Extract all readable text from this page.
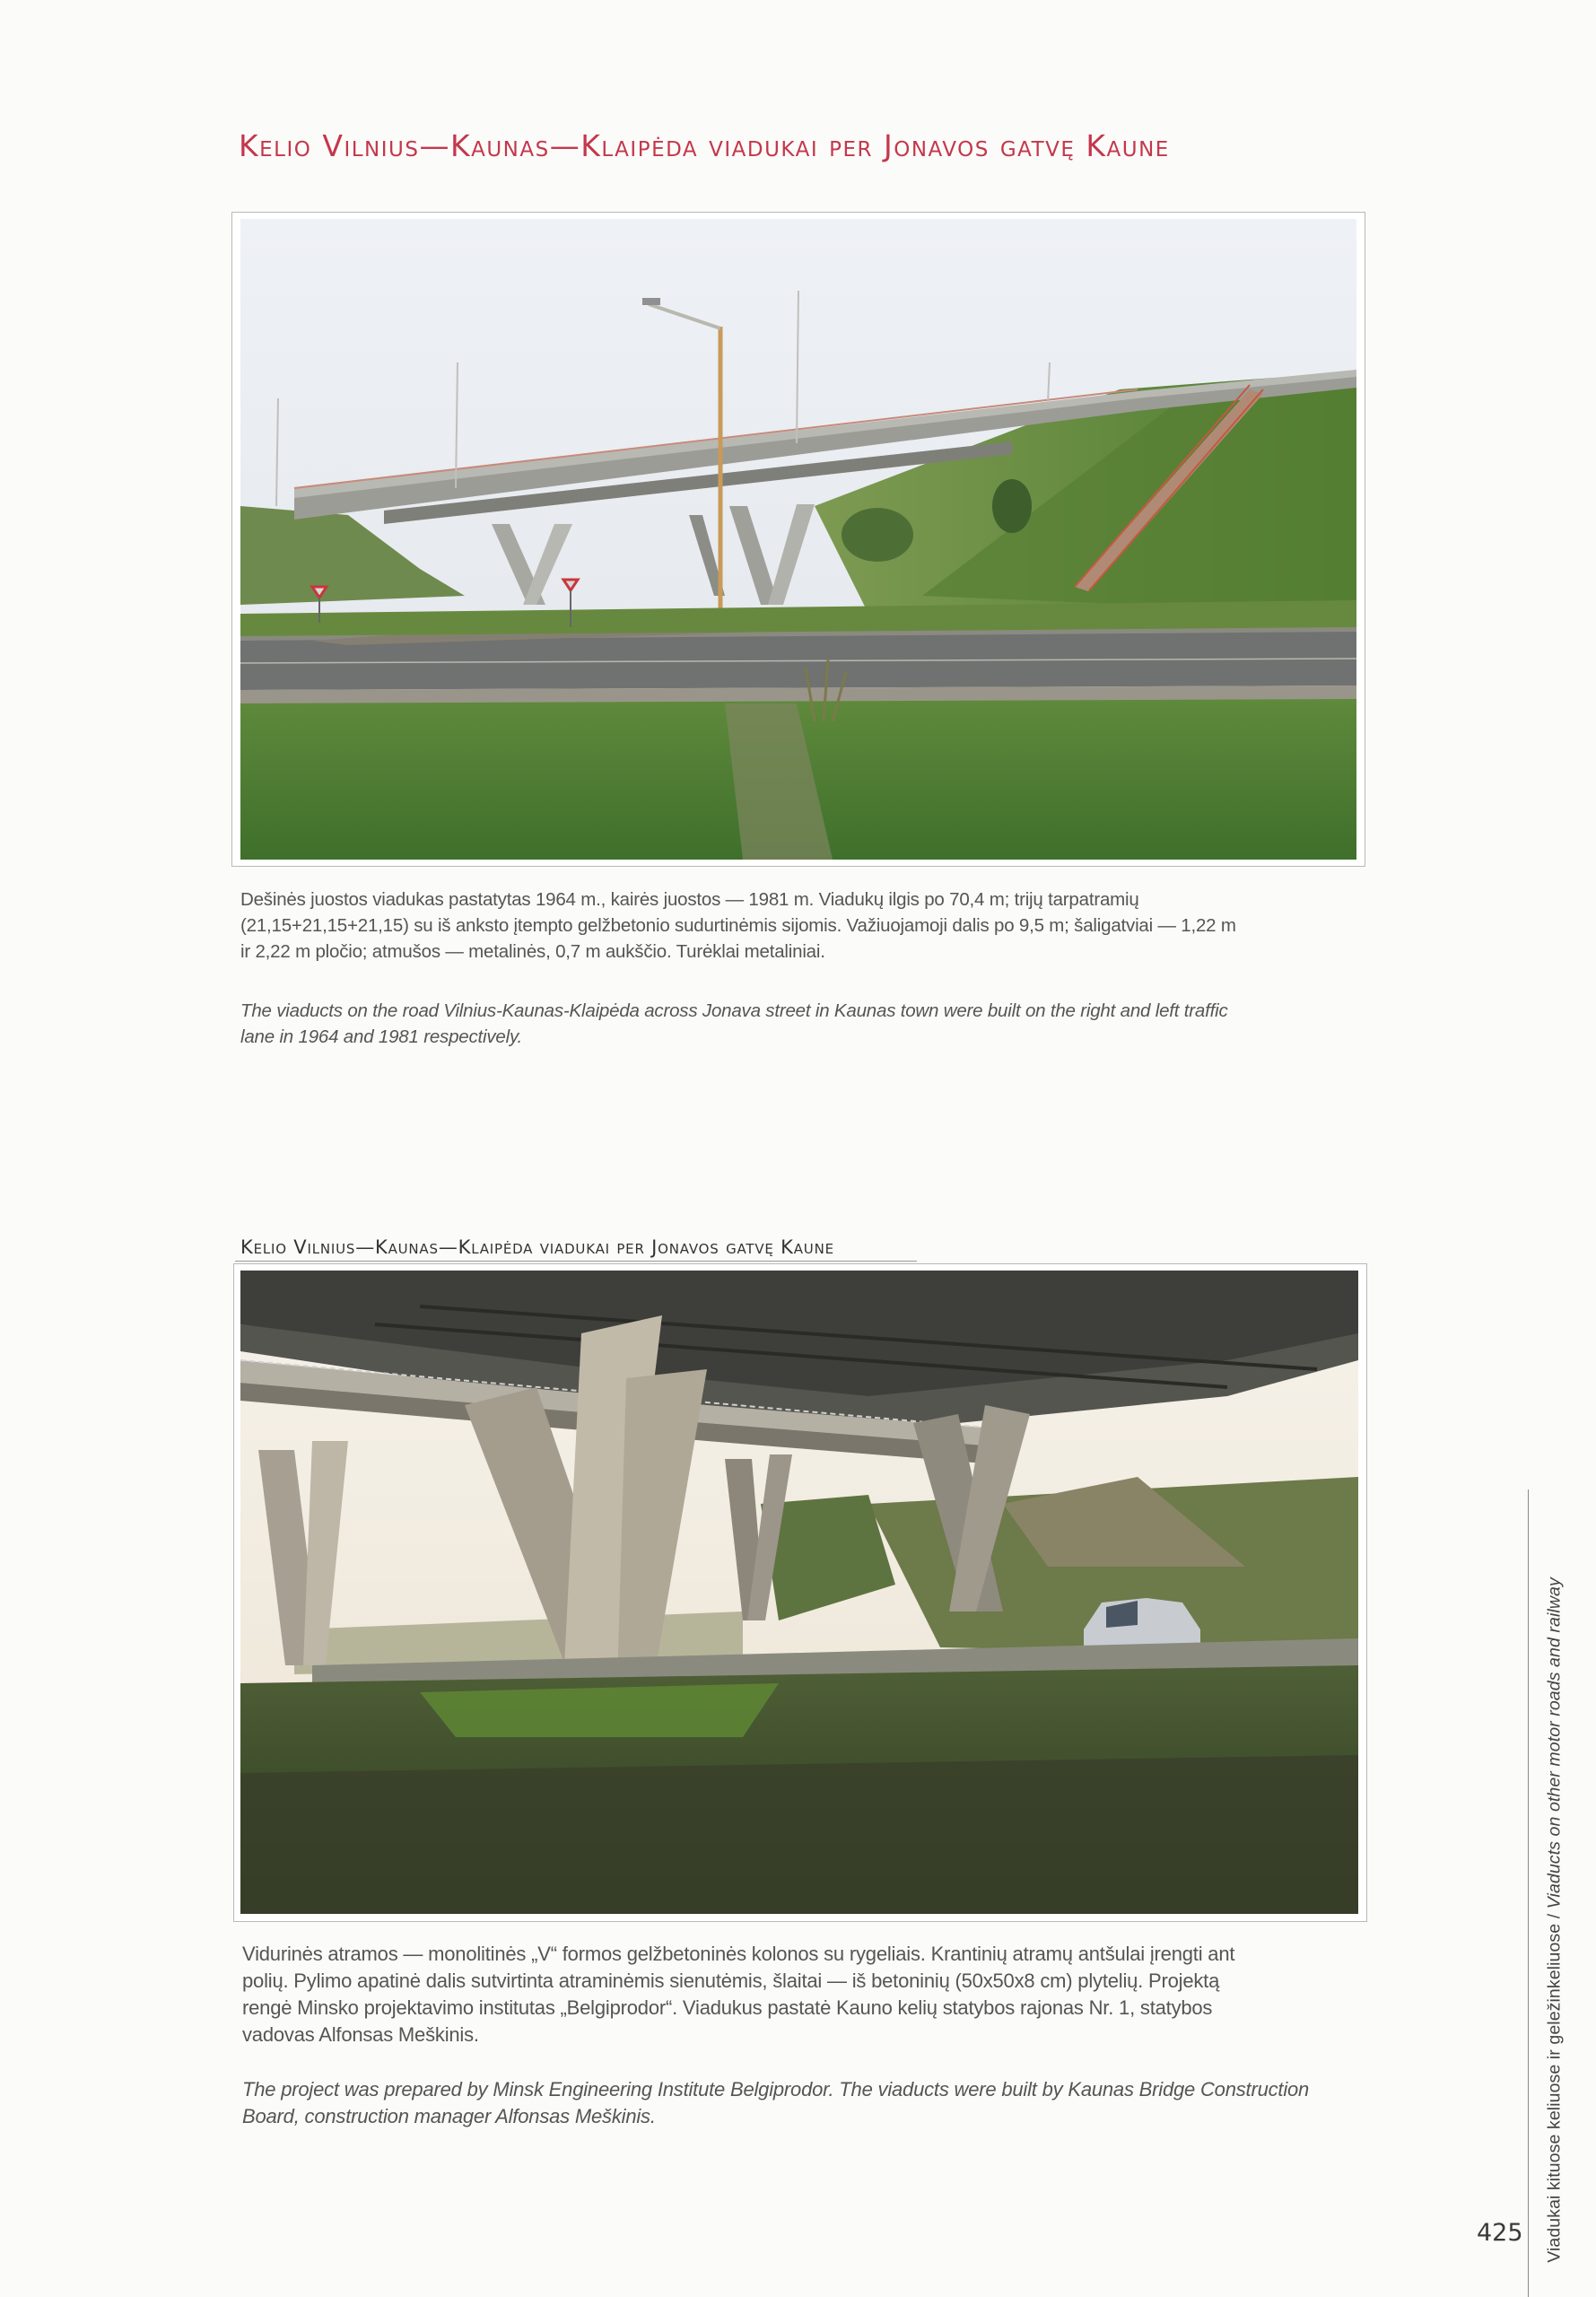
Kelio Vilnius—Kaunas—Klaipėda viadukai per Jonavos gatvę Kaune
Dešinės juostos viadukas pastatytas 1964 m., kairės juostos — 1981 m. Viadukų ilgis po 70,4 m; trijų tarpatramių
(21,15+21,15+21,15) su iš anksto įtempto gelžbetonio sudurtinėmis sijomis. Važiuojamoji dalis po 9,5 m; šaligatviai — 1,22 m
ir 2,22 m pločio; atmušos — metalinės, 0,7 m aukščio. Turėklai metaliniai.
The viaducts on the road Vilnius-Kaunas-Klaipėda across Jonava street in Kaunas town were built on the right and left traffic
lane in 1964 and 1981 respectively.
Kelio Vilnius—Kaunas—Klaipėda viadukai per Jonavos gatvę Kaune
Vidurinės atramos — monolitinės „V“ formos gelžbetoninės kolonos su rygeliais. Krantinių atramų antšulai įrengti ant
polių. Pylimo apatinė dalis sutvirtinta atraminėmis sienutėmis, šlaitai — iš betoninių (50x50x8 cm) plytelių. Projektą
rengė Minsko projektavimo institutas „Belgiprodor“. Viadukus pastatė Kauno kelių statybos rajonas Nr. 1, statybos
vadovas Alfonsas Meškinis.
The project was prepared by Minsk Engineering Institute Belgiprodor. The viaducts were built by Kaunas Bridge Construction
Board, construction manager Alfonsas Meškinis.	Viadukai kituose keliuose ir geležinkeliuose / Viaducts on other motor roads and railway
425
